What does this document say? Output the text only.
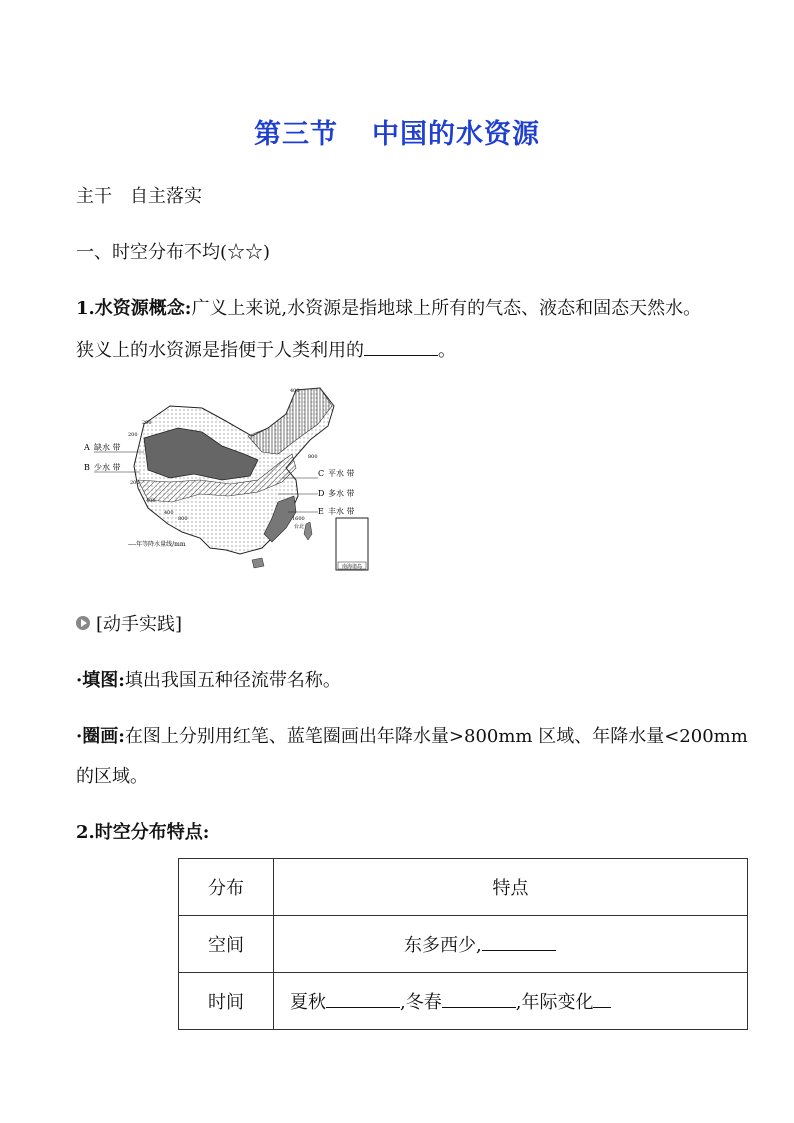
第三节 中国的水资源
主干　自主落实
一、时空分布不均(☆☆)
1.水资源概念:广义上来说,水资源是指地球上所有的气态、液态和固态天然水。
狭义上的水资源是指便于人类利用的	。
南海诸岛
A 缺水 带
B 少水 带
C 平水 带
D 多水 带
E 丰水 带
400
200
200
200
400
400
800
800
1600
台北
----年等降水量线/mm
[动手实践]
·填图:填出我国五种径流带名称。
·圈画:在图上分别用红笔、蓝笔圈画出年降水量>800mm 区域、年降水量<200mm
的区域。
2.时空分布特点:
分布	特点
空间	东多西少,
时间	夏秋 ,冬春 ,年际变化
